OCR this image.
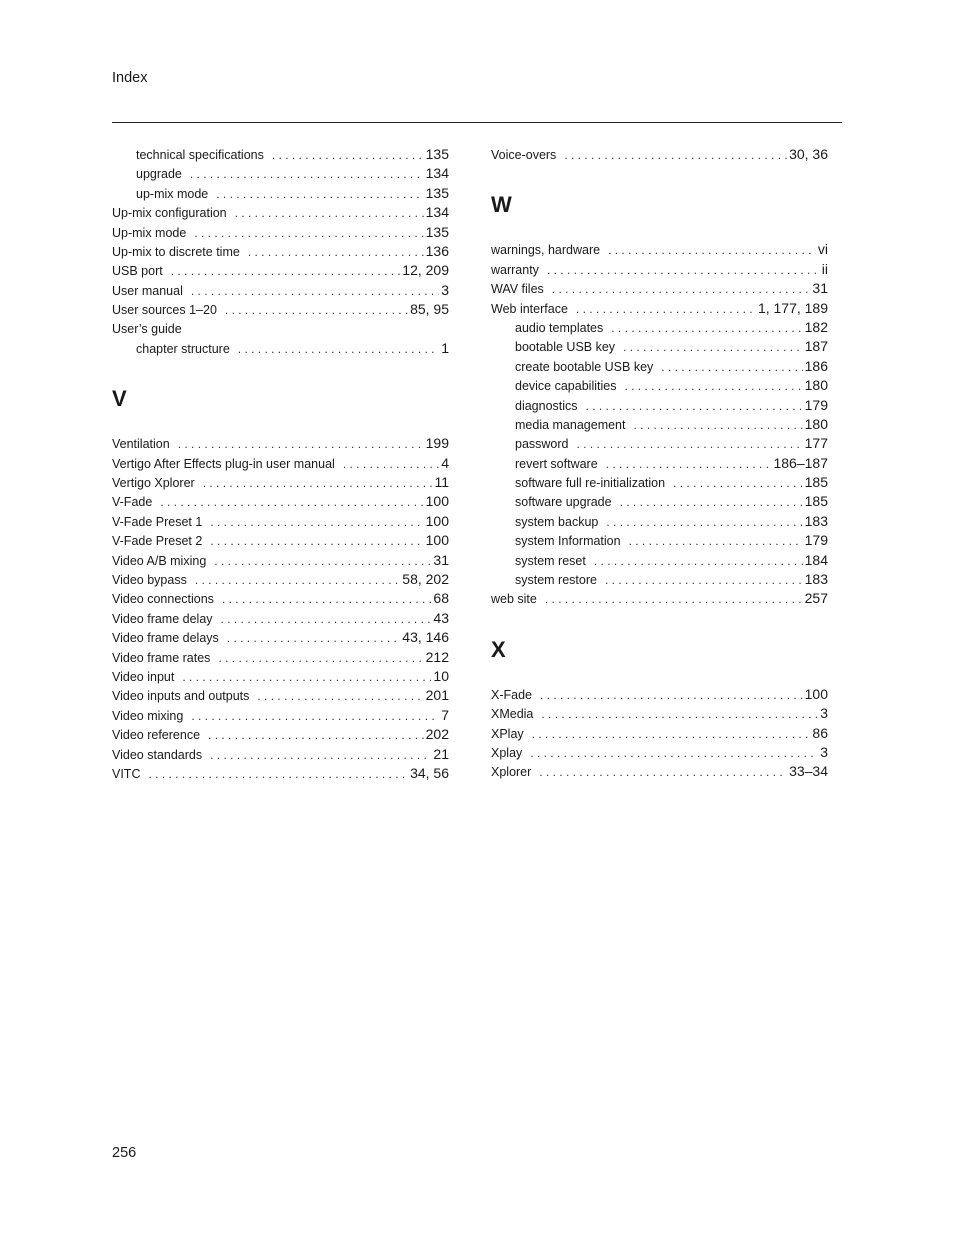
Index
technical specifications . . .	135
upgrade . . .	134
up-mix mode . . .	135
Up-mix configuration . . .	134
Up-mix mode . . .	135
Up-mix to discrete time . . .	136
USB port . . .	12, 209
User manual . . .	3
User sources 1–20 . . .	85, 95
User’s guide
chapter structure . . .	1
V
Ventilation . . .	199
Vertigo After Effects plug-in user manual . . .	4
Vertigo Xplorer . . .	11
V-Fade . . .	100
V-Fade Preset 1 . . .	100
V-Fade Preset 2 . . .	100
Video A/B mixing . . .	31
Video bypass . . .	58, 202
Video connections . . .	68
Video frame delay . . .	43
Video frame delays . . .	43, 146
Video frame rates . . .	212
Video input . . .	10
Video inputs and outputs . . .	201
Video mixing . . .	7
Video reference . . .	202
Video standards . . .	21
VITC . . .	34, 56
Voice-overs . . .	30, 36
W
warnings, hardware . . .	vi
warranty . . .	ii
WAV files . . .	31
Web interface . . .	1, 177, 189
audio templates . . .	182
bootable USB key . . .	187
create bootable USB key . . .	186
device capabilities . . .	180
diagnostics . . .	179
media management . . .	180
password . . .	177
revert software . . .	186–187
software full re-initialization . . .	185
software upgrade . . .	185
system backup . . .	183
system Information . . .	179
system reset . . .	184
system restore . . .	183
web site . . .	257
X
X-Fade . . .	100
XMedia . . .	3
XPlay . . .	86
Xplay . . .	3
Xplorer . . .	33–34
256
